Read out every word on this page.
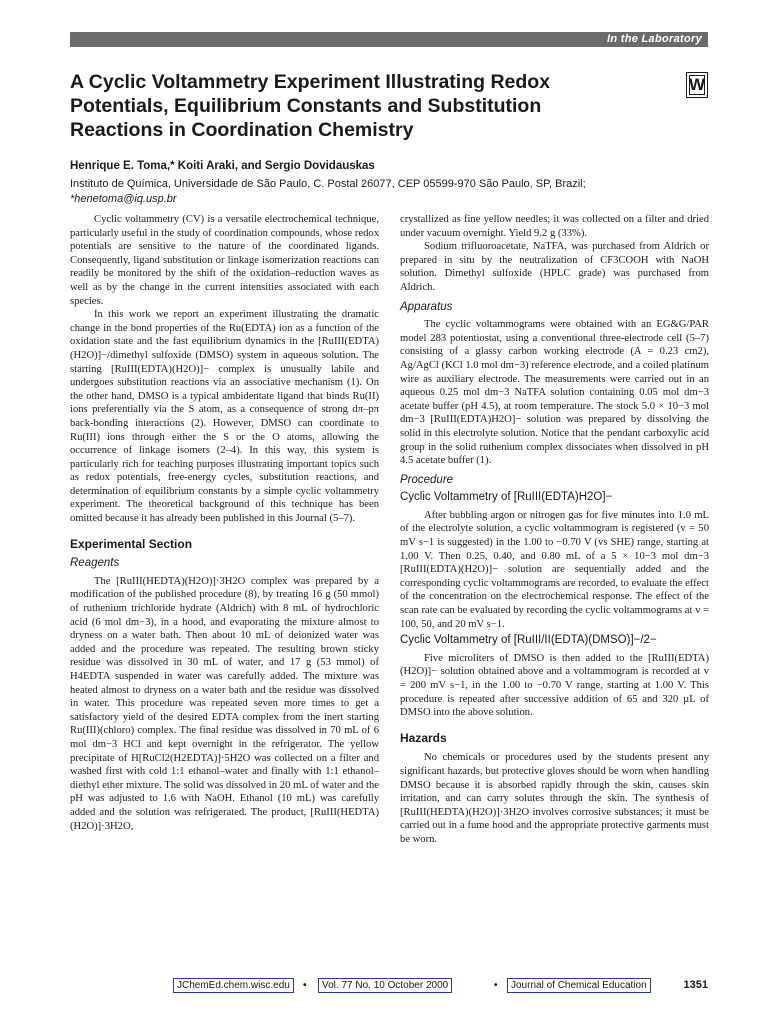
In the Laboratory
A Cyclic Voltammetry Experiment Illustrating Redox Potentials, Equilibrium Constants and Substitution Reactions in Coordination Chemistry
W
Henrique E. Toma,* Koiti Araki, and Sergio Dovidauskas
Instituto de Química, Universidade de São Paulo, C. Postal 26077, CEP 05599-970 São Paulo, SP, Brazil;
*henetoma@iq.usp.br

Cyclic voltammetry (CV) is a versatile electrochemical technique, particularly useful in the study of coordination compounds, whose redox potentials are sensitive to the nature of the coordinated ligands. Consequently, ligand substitution or linkage isomerization reactions can readily be monitored by the shift of the oxidation–reduction waves as well as by the change in the current intensities associated with each species.

In this work we report an experiment illustrating the dramatic change in the bond properties of the Ru(EDTA) ion as a function of the oxidation state and the fast equilibrium dynamics in the [RuIII(EDTA)(H2O)]−/dimethyl sulfoxide (DMSO) system in aqueous solution. The starting [RuIII(EDTA)(H2O)]− complex is unusually labile and undergoes substitution reactions via an associative mechanism (1). On the other hand, DMSO is a typical ambidentate ligand that binds Ru(II) ions preferentially via the S atom, as a consequence of strong dπ–pπ back-bonding interactions (2). However, DMSO can coordinate to Ru(III) ions through either the S or the O atoms, allowing the occurrence of linkage isomers (2–4). In this way, this system is particularly rich for teaching purposes illustrating important topics such as redox potentials, free-energy cycles, substitution reactions, and determination of equilibrium constants by a simple cyclic voltammetry experiment. The theoretical background of this technique has been omitted because it has already been published in this Journal (5–7).

Experimental Section
Reagents

The [RuIII(HEDTA)(H2O)]·3H2O complex was prepared by a modification of the published procedure (8), by treating 16 g (50 mmol) of ruthenium trichloride hydrate (Aldrich) with 8 mL of hydrochloric acid (6 mol dm−3), in a hood, and evaporating the mixture almost to dryness on a water bath. Then about 10 mL of deionized water was added and the procedure was repeated. The resulting brown sticky residue was dissolved in 30 mL of water, and 17 g (53 mmol) of H4EDTA suspended in water was carefully added. The mixture was heated almost to dryness on a water bath and the residue was dissolved in water. This procedure was repeated seven more times to get a satisfactory yield of the desired EDTA complex from the inert starting Ru(III)(chloro) complex. The final residue was dissolved in 70 mL of 6 mol dm−3 HCl and kept overnight in the refrigerator. The yellow precipitate of H[RuCl2(H2EDTA)]·5H2O was collected on a filter and washed first with cold 1:1 ethanol–water and finally with 1:1 ethanol–diethyl ether mixture. The solid was dissolved in 20 mL of water and the pH was adjusted to 1.6 with NaOH. Ethanol (10 mL) was carefully added and the solution was refrigerated. The product, [RuIII(HEDTA)(H2O)]·3H2O,

crystallized as fine yellow needles; it was collected on a filter and dried under vacuum overnight. Yield 9.2 g (33%).

Sodium trifluoroacetate, NaTFA, was purchased from Aldrich or prepared in situ by the neutralization of CF3COOH with NaOH solution. Dimethyl sulfoxide (HPLC grade) was purchased from Aldrich.

Apparatus

The cyclic voltammograms were obtained with an EG&G/PAR model 283 potentiostat, using a conventional three-electrode cell (5–7) consisting of a glassy carbon working electrode (A = 0.23 cm2), Ag/AgCl (KCl 1.0 mol dm−3) reference electrode, and a coiled platinum wire as auxiliary electrode. The measurements were carried out in an aqueous 0.25 mol dm−3 NaTFA solution containing 0.05 mol dm−3 acetate buffer (pH 4.5), at room temperature. The stock 5.0 × 10−3 mol dm−3 [RuIII(EDTA)H2O]− solution was prepared by dissolving the solid in this electrolyte solution. Notice that the pendant carboxylic acid group in the solid ruthenium complex dissociates when dissolved in pH 4.5 acetate buffer (1).

Procedure
Cyclic Voltammetry of [RuIII(EDTA)H2O]−

After bubbling argon or nitrogen gas for five minutes into 1.0 mL of the electrolyte solution, a cyclic voltammogram is registered (v = 50 mV s−1 is suggested) in the 1.00 to −0.70 V (vs SHE) range, starting at 1.00 V. Then 0.25, 0.40, and 0.80 mL of a 5 × 10−3 mol dm−3 [RuIII(EDTA)(H2O)]− solution are sequentially added and the corresponding cyclic voltammograms are recorded, to evaluate the effect of the concentration on the electrochemical response. The effect of the scan rate can be evaluated by recording the cyclic voltammograms at v = 100, 50, and 20 mV s−1.

Cyclic Voltammetry of [RuIII/II(EDTA)(DMSO)]−/2−

Five microliters of DMSO is then added to the [RuIII(EDTA)(H2O)]− solution obtained above and a voltammogram is recorded at v = 200 mV s−1, in the 1.00 to −0.70 V range, starting at 1.00 V. This procedure is repeated after successive addition of 65 and 320 µL of DMSO into the above solution.

Hazards

No chemicals or procedures used by the students present any significant hazards, but protective gloves should be worn when handling DMSO because it is absorbed rapidly through the skin, causes skin irritation, and can carry solutes through the skin. The synthesis of [RuIII(HEDTA)(H2O)]·3H2O involves corrosive substances; it must be carried out in a fume hood and the appropriate protective garments must be worn.

JChemEd.chem.wisc.edu	•	Vol. 77 No. 10 October 2000	•	Journal of Chemical Education	1351
